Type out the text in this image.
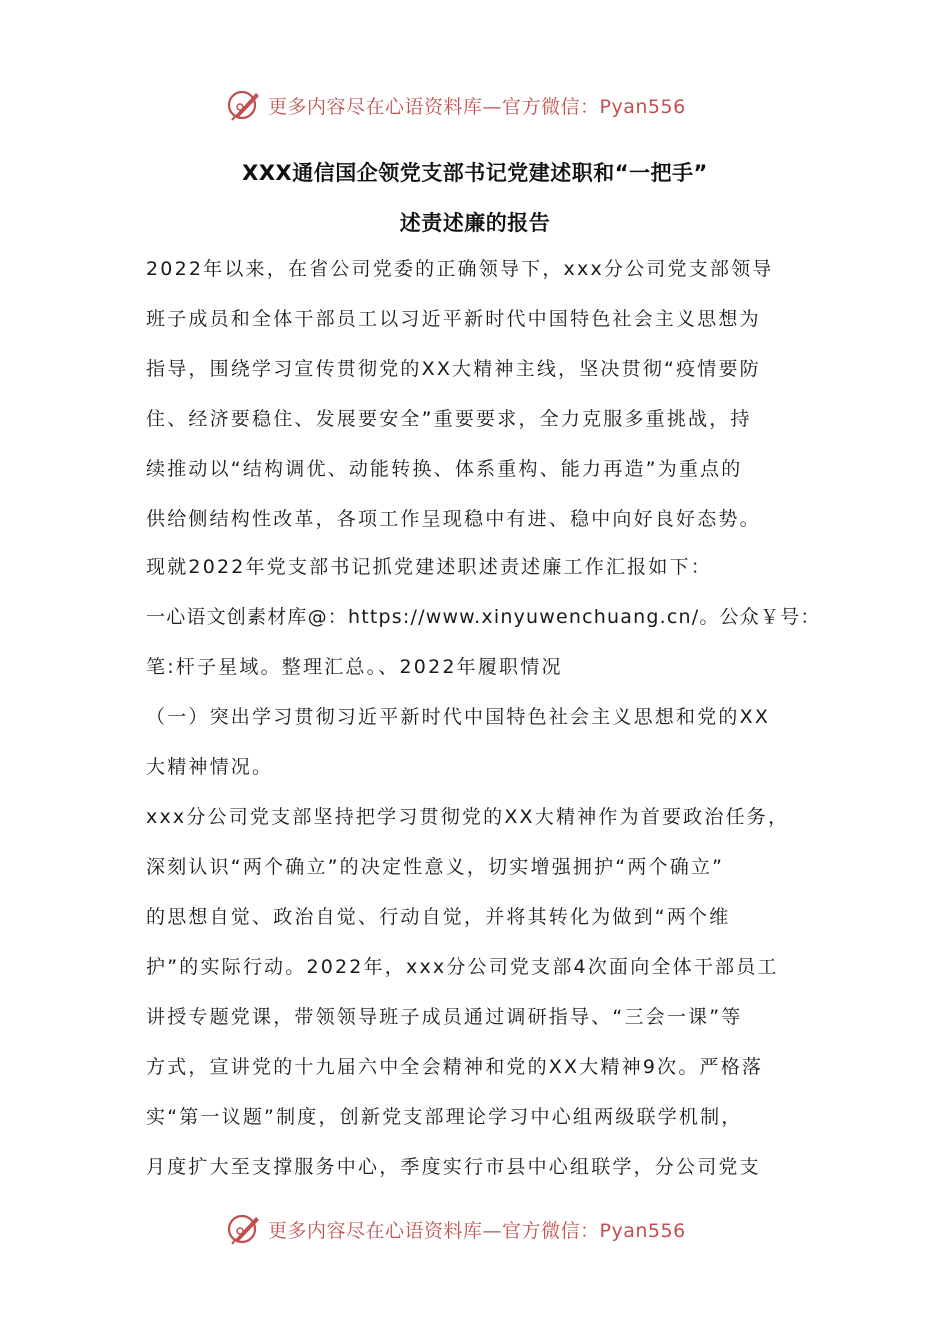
更多内容尽在心语资料库—官方微信：Pyan556
XXX通信国企领党支部书记党建述职和“一把手”
述责述廉的报告
2022年以来，在省公司党委的正确领导下，xxx分公司党支部领导
班子成员和全体干部员工以习近平新时代中国特色社会主义思想为
指导，围绕学习宣传贯彻党的XX大精神主线，坚决贯彻“疫情要防
住、经济要稳住、发展要安全”重要要求，全力克服多重挑战，持
续推动以“结构调优、动能转换、体系重构、能力再造”为重点的
供给侧结构性改革，各项工作呈现稳中有进、稳中向好良好态势。
现就2022年党支部书记抓党建述职述责述廉工作汇报如下：
一心语文创素材库@：https://www.xinyuwenchuang.cn/。公众￥号：
笔:杆子星域。整理汇总。、2022年履职情况
（一）突出学习贯彻习近平新时代中国特色社会主义思想和党的XX
大精神情况。
xxx分公司党支部坚持把学习贯彻党的XX大精神作为首要政治任务，
深刻认识“两个确立”的决定性意义，切实增强拥护“两个确立”
的思想自觉、政治自觉、行动自觉，并将其转化为做到“两个维
护”的实际行动。2022年，xxx分公司党支部4次面向全体干部员工
讲授专题党课，带领领导班子成员通过调研指导、“三会一课”等
方式，宣讲党的十九届六中全会精神和党的XX大精神9次。严格落
实“第一议题”制度，创新党支部理论学习中心组两级联学机制，
月度扩大至支撑服务中心，季度实行市县中心组联学，分公司党支
更多内容尽在心语资料库—官方微信：Pyan556
